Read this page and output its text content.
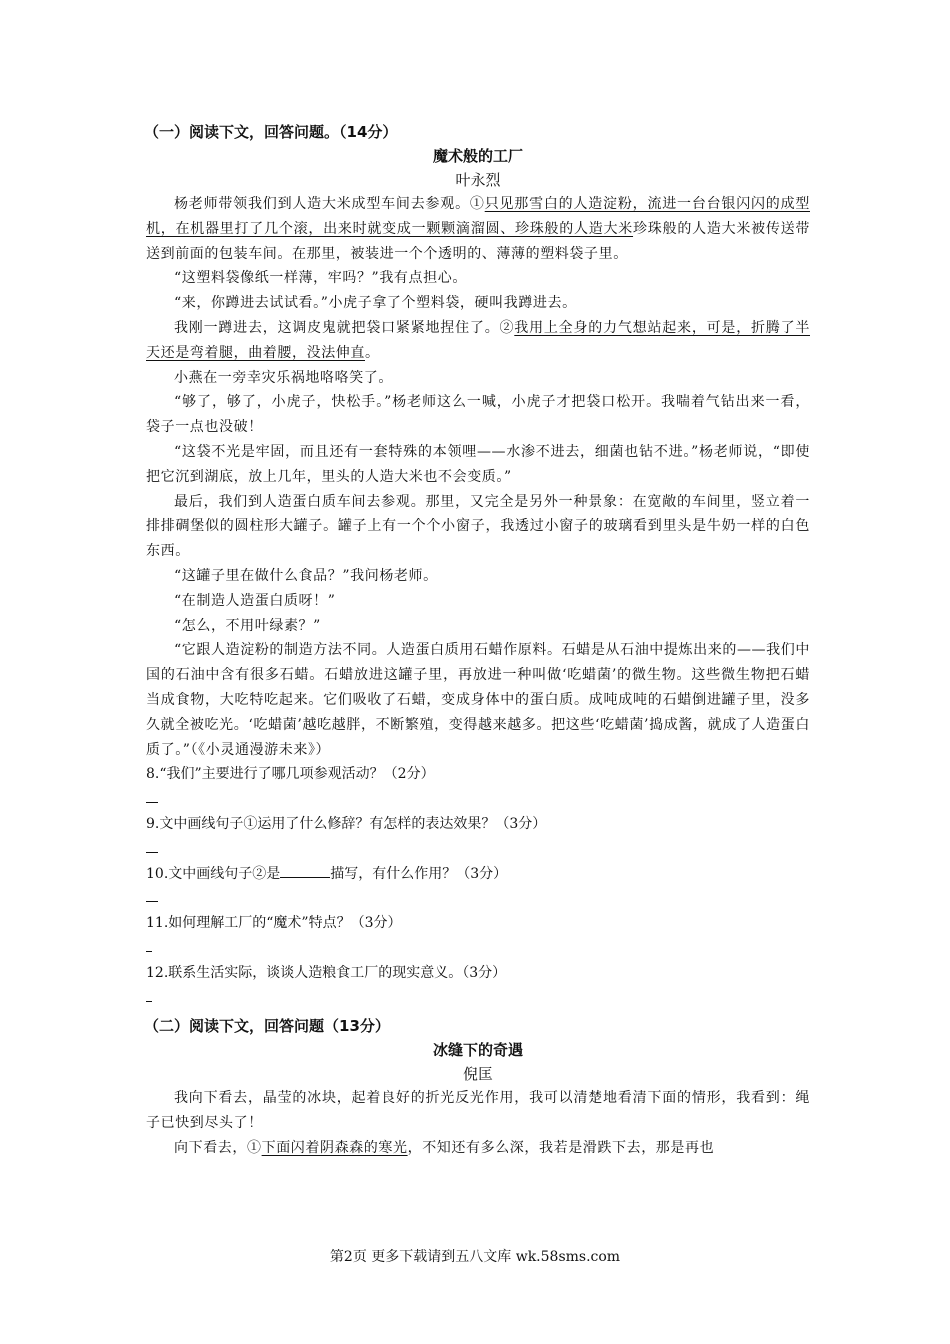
（一）阅读下文，回答问题。（14分）

魔术般的工厂

叶永烈

杨老师带领我们到人造大米成型车间去参观。①只见那雪白的人造淀粉，流进一台台银闪闪的成型机，在机器里打了几个滚，出来时就变成一颗颗滴溜圆、珍珠般的人造大米珍珠般的人造大米被传送带送到前面的包装车间。在那里，被装进一个个透明的、薄薄的塑料袋子里。

“这塑料袋像纸一样薄，牢吗？”我有点担心。

“来，你蹲进去试试看。”小虎子拿了个塑料袋，硬叫我蹲进去。

我刚一蹲进去，这调皮鬼就把袋口紧紧地捏住了。②我用上全身的力气想站起来，可是，折腾了半天还是弯着腿，曲着腰，没法伸直。

小燕在一旁幸灾乐祸地咯咯笑了。

“够了，够了，小虎子，快松手。”杨老师这么一喊，小虎子才把袋口松开。我喘着气钻出来一看，袋子一点也没破！

“这袋不光是牢固，而且还有一套特殊的本领哩——水渗不进去，细菌也钻不进。”杨老师说，“即使把它沉到湖底，放上几年，里头的人造大米也不会变质。”

最后，我们到人造蛋白质车间去参观。那里，又完全是另外一种景象：在宽敞的车间里，竖立着一排排碉堡似的圆柱形大罐子。罐子上有一个个小窗子，我透过小窗子的玻璃看到里头是牛奶一样的白色东西。

“这罐子里在做什么食品？”我问杨老师。

“在制造人造蛋白质呀！”

“怎么，不用叶绿素？”

“它跟人造淀粉的制造方法不同。人造蛋白质用石蜡作原料。石蜡是从石油中提炼出来的——我们中国的石油中含有很多石蜡。石蜡放进这罐子里，再放进一种叫做‘吃蜡菌’的微生物。这些微生物把石蜡当成食物，大吃特吃起来。它们吸收了石蜡，变成身体中的蛋白质。成吨成吨的石蜡倒进罐子里，没多久就全被吃光。‘吃蜡菌’越吃越胖，不断繁殖，变得越来越多。把这些‘吃蜡菌’捣成酱，就成了人造蛋白质了。”（《小灵通漫游未来》）

8.“我们”主要进行了哪几项参观活动？（2分）

9.文中画线句子①运用了什么修辞？有怎样的表达效果？（3分）

10.文中画线句子②是	描写，有什么作用？（3分）

11.如何理解工厂的“魔术”特点？（3分）

12.联系生活实际，谈谈人造粮食工厂的现实意义。（3分）

（二）阅读下文，回答问题（13分）

冰缝下的奇遇

倪匡

我向下看去，晶莹的冰块，起着良好的折光反光作用，我可以清楚地看清下面的情形，我看到：绳子已快到尽头了！

向下看去，①下面闪着阴森森的寒光，不知还有多么深，我若是滑跌下去，那是再也

第2页 更多下载请到五八文库 wk.58sms.com
